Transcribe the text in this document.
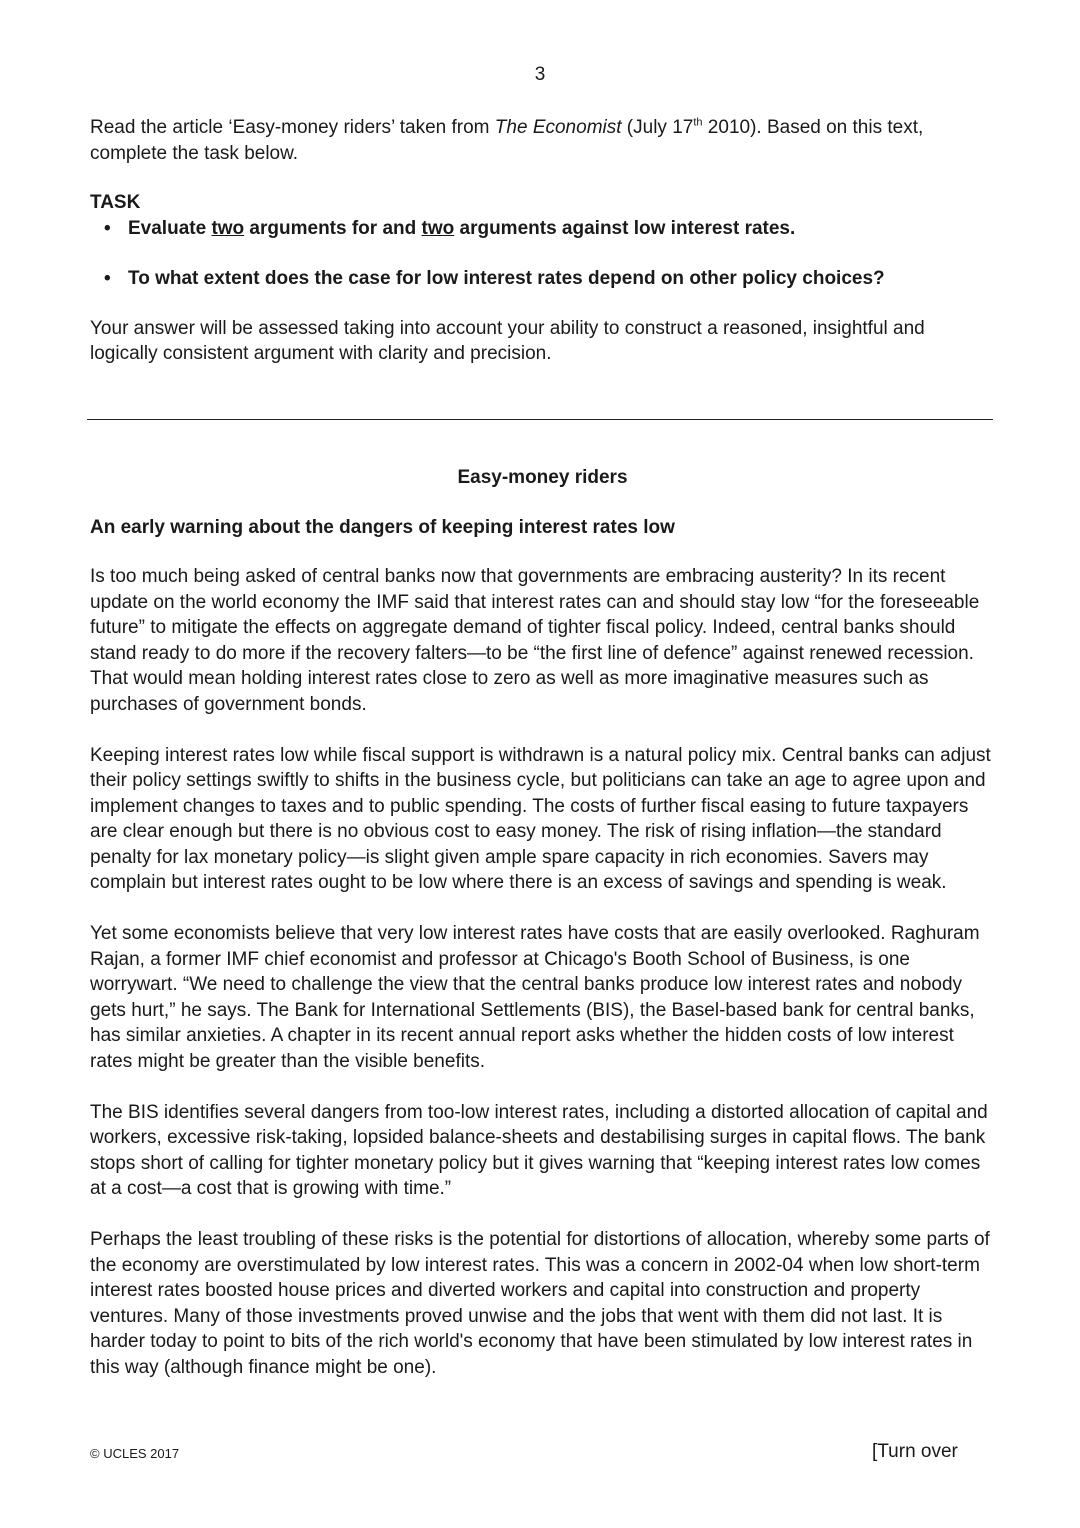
3

Read the article ‘Easy-money riders’ taken from The Economist (July 17th 2010). Based on this text, complete the task below.

TASK

• Evaluate two arguments for and two arguments against low interest rates.
• To what extent does the case for low interest rates depend on other policy choices?

Your answer will be assessed taking into account your ability to construct a reasoned, insightful and logically consistent argument with clarity and precision.

Easy-money riders

An early warning about the dangers of keeping interest rates low

Is too much being asked of central banks now that governments are embracing austerity? In its recent update on the world economy the IMF said that interest rates can and should stay low “for the foreseeable future” to mitigate the effects on aggregate demand of tighter fiscal policy. Indeed, central banks should stand ready to do more if the recovery falters—to be “the first line of defence” against renewed recession. That would mean holding interest rates close to zero as well as more imaginative measures such as purchases of government bonds.

Keeping interest rates low while fiscal support is withdrawn is a natural policy mix. Central banks can adjust their policy settings swiftly to shifts in the business cycle, but politicians can take an age to agree upon and implement changes to taxes and to public spending. The costs of further fiscal easing to future taxpayers are clear enough but there is no obvious cost to easy money. The risk of rising inflation—the standard penalty for lax monetary policy—is slight given ample spare capacity in rich economies. Savers may complain but interest rates ought to be low where there is an excess of savings and spending is weak.

Yet some economists believe that very low interest rates have costs that are easily overlooked. Raghuram Rajan, a former IMF chief economist and professor at Chicago's Booth School of Business, is one worrywart. “We need to challenge the view that the central banks produce low interest rates and nobody gets hurt,” he says. The Bank for International Settlements (BIS), the Basel-based bank for central banks, has similar anxieties. A chapter in its recent annual report asks whether the hidden costs of low interest rates might be greater than the visible benefits.

The BIS identifies several dangers from too-low interest rates, including a distorted allocation of capital and workers, excessive risk-taking, lopsided balance-sheets and destabilising surges in capital flows. The bank stops short of calling for tighter monetary policy but it gives warning that “keeping interest rates low comes at a cost—a cost that is growing with time.”

Perhaps the least troubling of these risks is the potential for distortions of allocation, whereby some parts of the economy are overstimulated by low interest rates. This was a concern in 2002-04 when low short-term interest rates boosted house prices and diverted workers and capital into construction and property ventures. Many of those investments proved unwise and the jobs that went with them did not last. It is harder today to point to bits of the rich world's economy that have been stimulated by low interest rates in this way (although finance might be one).

© UCLES 2017	[Turn over
